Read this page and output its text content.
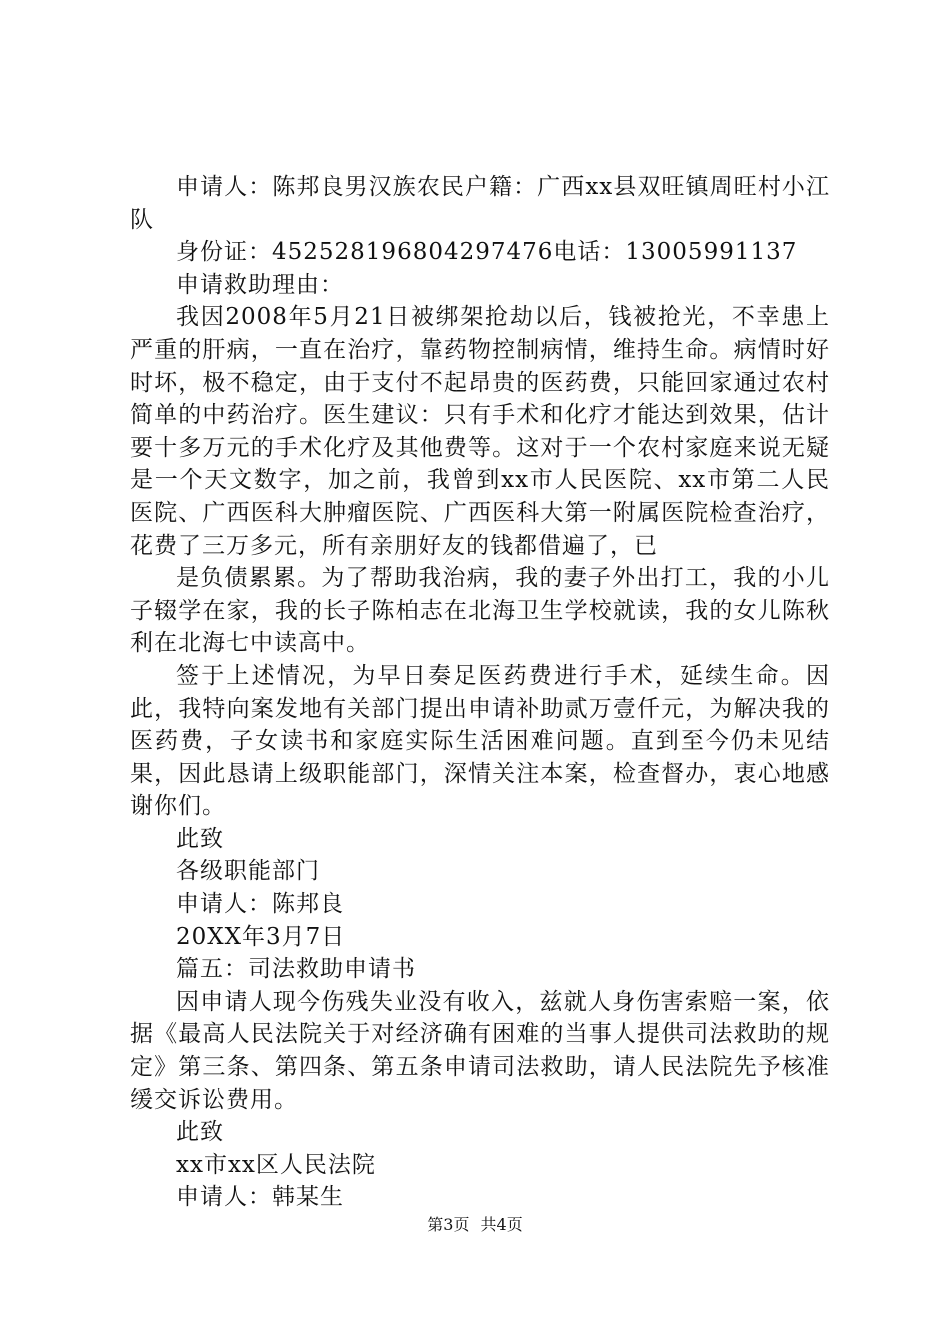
申请人：陈邦良男汉族农民户籍：广西xx县双旺镇周旺村小江队

身份证：452528196804297476电话：13005991137

申请救助理由：

我因2008年5月21日被绑架抢劫以后，钱被抢光，不幸患上严重的肝病，一直在治疗，靠药物控制病情，维持生命。病情时好时坏，极不稳定，由于支付不起昂贵的医药费，只能回家通过农村简单的中药治疗。医生建议：只有手术和化疗才能达到效果，估计要十多万元的手术化疗及其他费等。这对于一个农村家庭来说无疑是一个天文数字，加之前，我曾到xx市人民医院、xx市第二人民医院、广西医科大肿瘤医院、广西医科大第一附属医院检查治疗，花费了三万多元，所有亲朋好友的钱都借遍了，已

是负债累累。为了帮助我治病，我的妻子外出打工，我的小儿子辍学在家，我的长子陈柏志在北海卫生学校就读，我的女儿陈秋利在北海七中读高中。

签于上述情况，为早日奏足医药费进行手术，延续生命。因此，我特向案发地有关部门提出申请补助贰万壹仟元，为解决我的医药费，子女读书和家庭实际生活困难问题。直到至今仍未见结果，因此恳请上级职能部门，深情关注本案，检查督办，衷心地感谢你们。

此致

各级职能部门

申请人：陈邦良

20XX年3月7日

篇五：司法救助申请书

因申请人现今伤残失业没有收入，兹就人身伤害索赔一案，依据《最高人民法院关于对经济确有困难的当事人提供司法救助的规定》第三条、第四条、第五条申请司法救助，请人民法院先予核准缓交诉讼费用。

此致

xx市xx区人民法院

申请人：韩某生

第3页 共4页
